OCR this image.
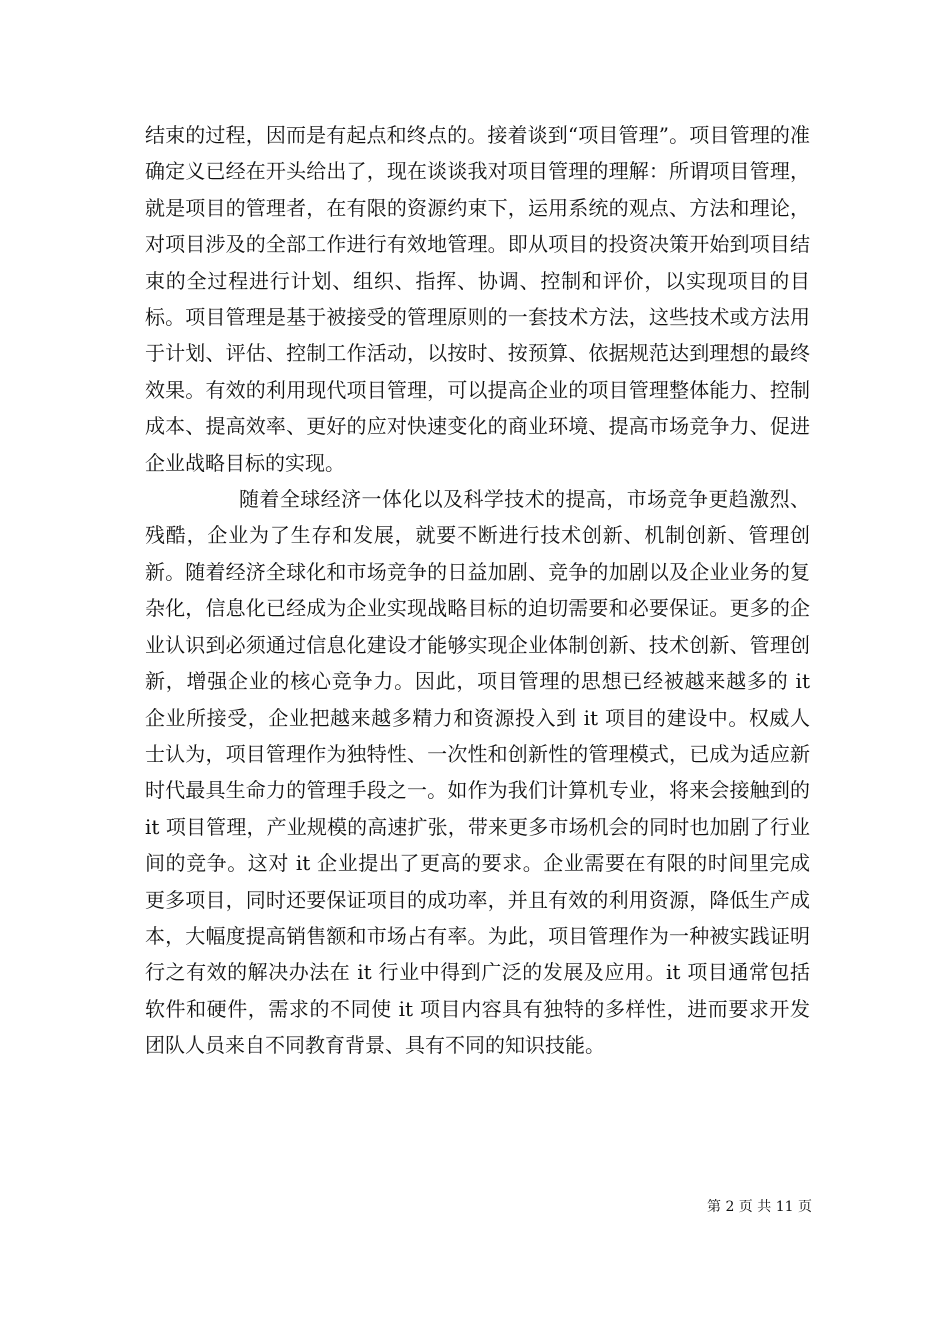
结束的过程，因而是有起点和终点的。接着谈到“项目管理”。项目管理的准确定义已经在开头给出了，现在谈谈我对项目管理的理解：所谓项目管理，就是项目的管理者，在有限的资源约束下，运用系统的观点、方法和理论，对项目涉及的全部工作进行有效地管理。即从项目的投资决策开始到项目结束的全过程进行计划、组织、指挥、协调、控制和评价，以实现项目的目标。项目管理是基于被接受的管理原则的一套技术方法，这些技术或方法用于计划、评估、控制工作活动，以按时、按预算、依据规范达到理想的最终效果。有效的利用现代项目管理，可以提高企业的项目管理整体能力、控制成本、提高效率、更好的应对快速变化的商业环境、提高市场竞争力、促进企业战略目标的实现。

随着全球经济一体化以及科学技术的提高，市场竞争更趋激烈、残酷，企业为了生存和发展，就要不断进行技术创新、机制创新、管理创新。随着经济全球化和市场竞争的日益加剧、竞争的加剧以及企业业务的复杂化，信息化已经成为企业实现战略目标的迫切需要和必要保证。更多的企业认识到必须通过信息化建设才能够实现企业体制创新、技术创新、管理创新，增强企业的核心竞争力。因此，项目管理的思想已经被越来越多的 it 企业所接受，企业把越来越多精力和资源投入到 it 项目的建设中。权威人士认为，项目管理作为独特性、一次性和创新性的管理模式，已成为适应新时代最具生命力的管理手段之一。如作为我们计算机专业，将来会接触到的 it 项目管理，产业规模的高速扩张，带来更多市场机会的同时也加剧了行业间的竞争。这对 it 企业提出了更高的要求。企业需要在有限的时间里完成更多项目，同时还要保证项目的成功率，并且有效的利用资源，降低生产成本，大幅度提高销售额和市场占有率。为此，项目管理作为一种被实践证明行之有效的解决办法在 it 行业中得到广泛的发展及应用。it 项目通常包括软件和硬件，需求的不同使 it 项目内容具有独特的多样性，进而要求开发团队人员来自不同教育背景、具有不同的知识技能。

第 2 页 共 11 页
